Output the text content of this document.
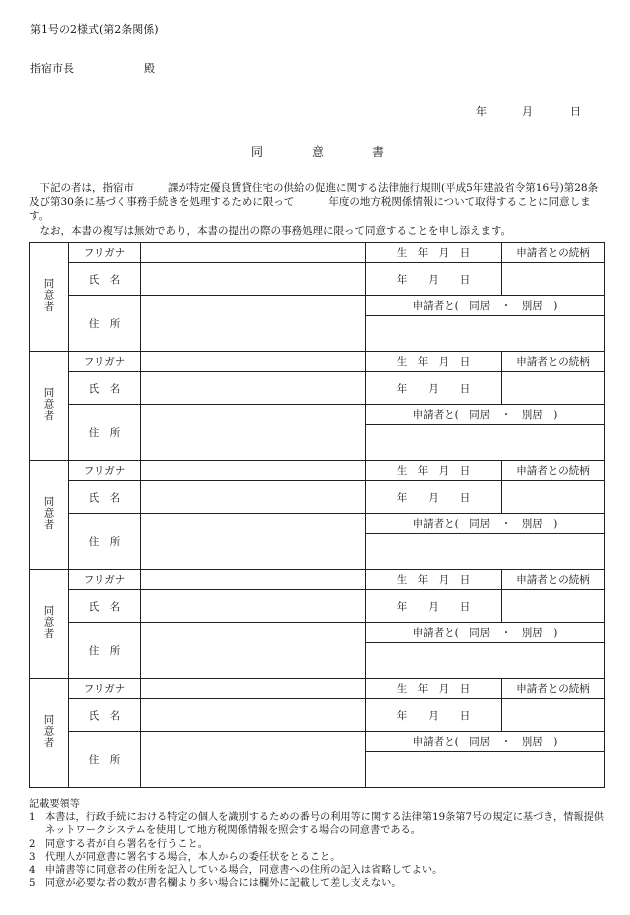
第1号の2様式(第2条関係)
指宿市長	殿
年	月	日
同	意	書

下記の者は，指宿市	課が特定優良賃貸住宅の供給の促進に関する法律施行規則(平成5年建設省令第16号)第28条及び第30条に基づく事務手続きを処理するために限って	年度の地方税関係情報について取得することに同意します。

なお，本書の複写は無効であり，本書の提出の際の事務処理に限って同意することを申し添えます。

同意者	フリガナ		生　年　月　日	申請者との続柄
	氏　名		年　　月　　日	
	住　所		申請者と(　同居　・　別居　)	

同意者	フリガナ		生　年　月　日	申請者との続柄
	氏　名		年　　月　　日	
	住　所		申請者と(　同居　・　別居　)	

同意者	フリガナ		生　年　月　日	申請者との続柄
	氏　名		年　　月　　日	
	住　所		申請者と(　同居　・　別居　)	

同意者	フリガナ		生　年　月　日	申請者との続柄
	氏　名		年　　月　　日	
	住　所		申請者と(　同居　・　別居　)	

同意者	フリガナ		生　年　月　日	申請者との続柄
	氏　名		年　　月　　日	
	住　所		申請者と(　同居　・　別居　)	

記載要領等

1 本書は，行政手続における特定の個人を識別するための番号の利用等に関する法律第19条第7号の規定に基づき，情報提供ネットワークシステムを使用して地方税関係情報を照会する場合の同意書である。

2 同意する者が自ら署名を行うこと。

3 代理人が同意書に署名する場合，本人からの委任状をとること。

4 申請書等に同意者の住所を記入している場合，同意書への住所の記入は省略してよい。

5 同意が必要な者の数が書名欄より多い場合には欄外に記載して差し支えない。
